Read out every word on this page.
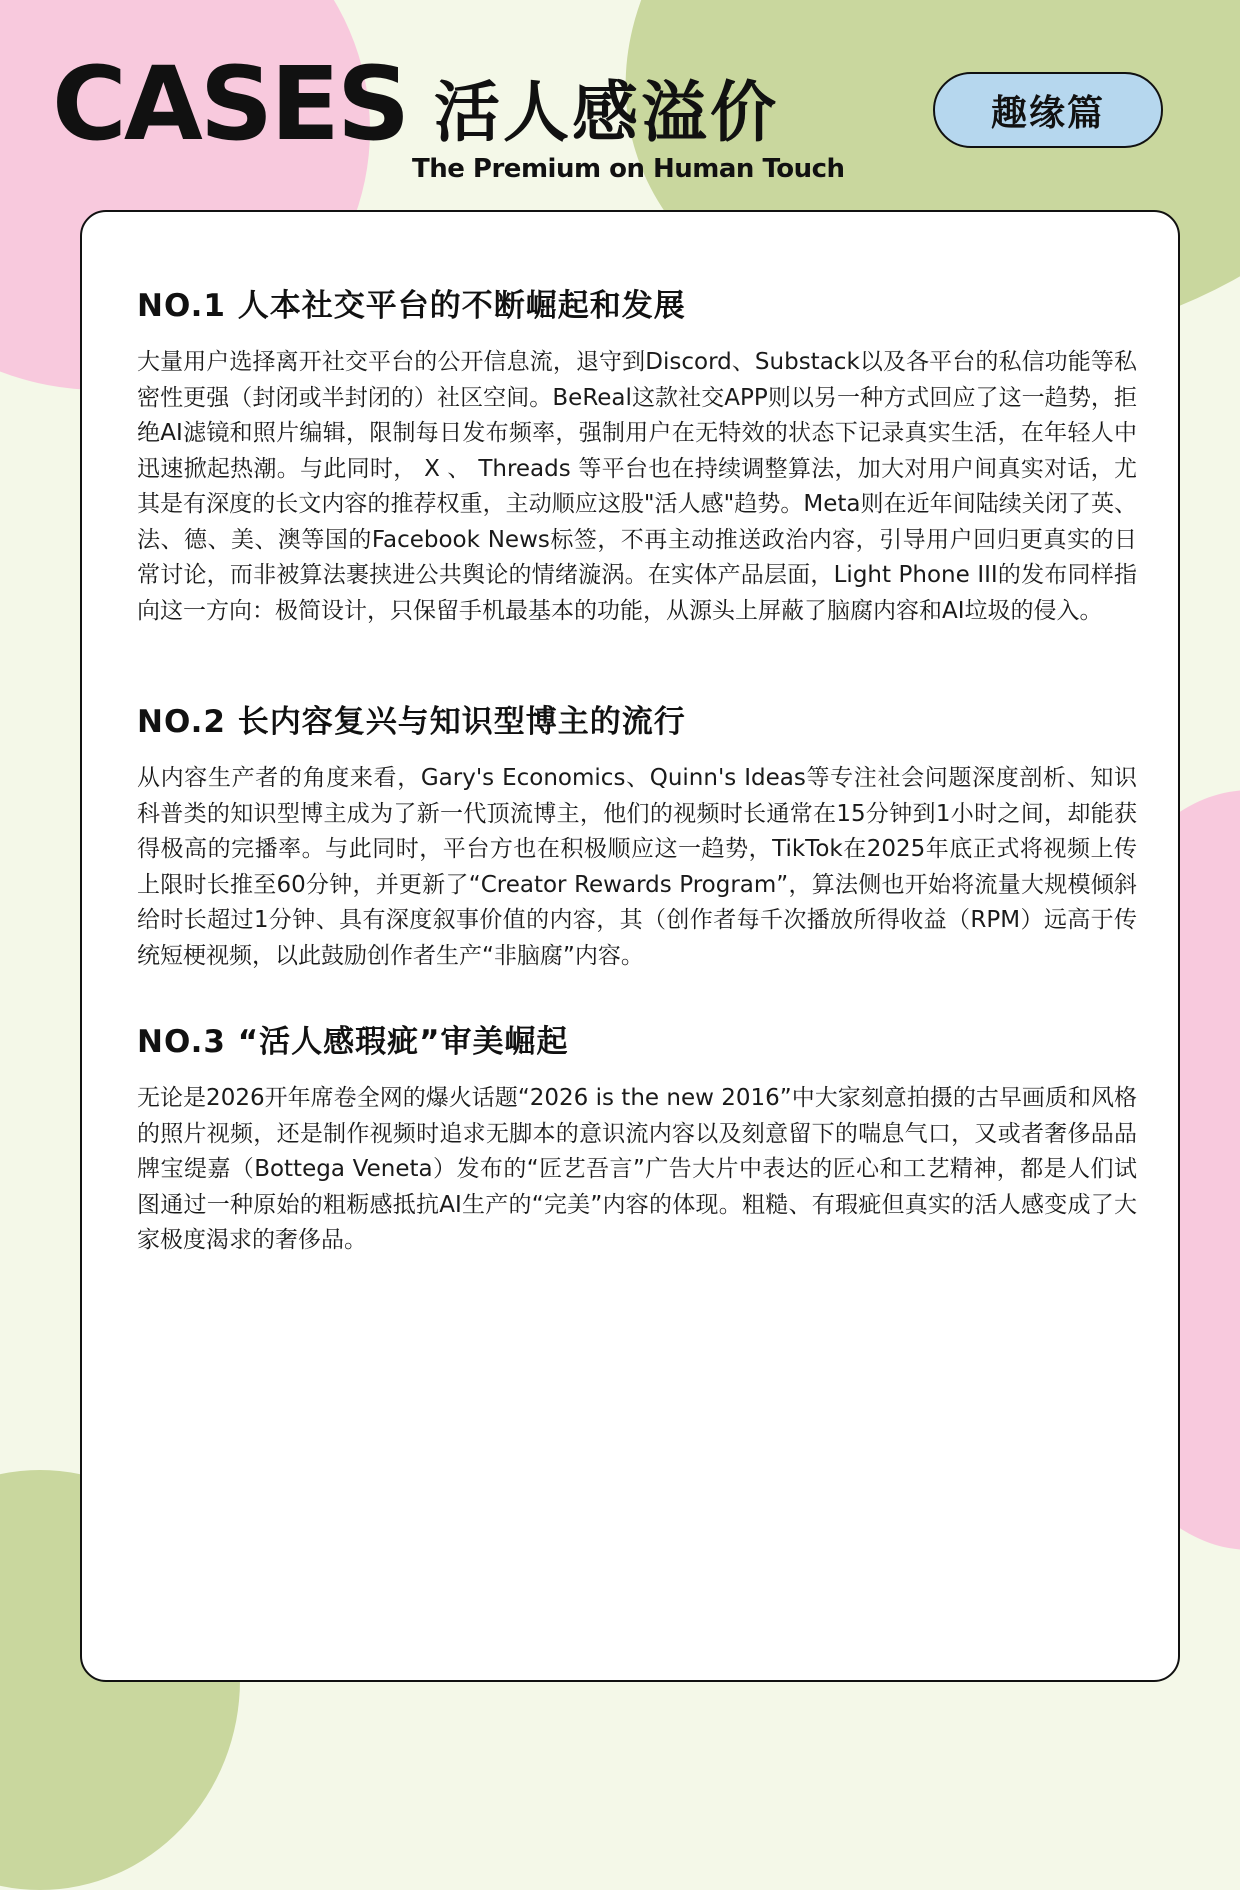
CASES 活人感溢价
The Premium on Human Touch
趣缘篇
NO.1 人本社交平台的不断崛起和发展

大量用户选择离开社交平台的公开信息流，退守到Discord、Substack以及各平台的私信功能等私密性更强（封闭或半封闭的）社区空间。BeReal这款社交APP则以另一种方式回应了这一趋势，拒绝AI滤镜和照片编辑，限制每日发布频率，强制用户在无特效的状态下记录真实生活，在年轻人中迅速掀起热潮。与此同时， X 、 Threads 等平台也在持续调整算法，加大对用户间真实对话，尤其是有深度的长文内容的推荐权重，主动顺应这股"活人感"趋势。Meta则在近年间陆续关闭了英、法、德、美、澳等国的Facebook News标签，不再主动推送政治内容，引导用户回归更真实的日常讨论，而非被算法裹挟进公共舆论的情绪漩涡。在实体产品层面，Light Phone III的发布同样指向这一方向：极简设计，只保留手机最基本的功能，从源头上屏蔽了脑腐内容和AI垃圾的侵入。

NO.2 长内容复兴与知识型博主的流行

从内容生产者的角度来看，Gary's Economics、Quinn's Ideas等专注社会问题深度剖析、知识科普类的知识型博主成为了新一代顶流博主，他们的视频时长通常在15分钟到1小时之间，却能获得极高的完播率。与此同时，平台方也在积极顺应这一趋势，TikTok在2025年底正式将视频上传上限时长推至60分钟，并更新了“Creator Rewards Program”，算法侧也开始将流量大规模倾斜给时长超过1分钟、具有深度叙事价值的内容，其（创作者每千次播放所得收益（RPM）远高于传统短梗视频，以此鼓励创作者生产“非脑腐”内容。

NO.3 “活人感瑕疵”审美崛起

无论是2026开年席卷全网的爆火话题“2026 is the new 2016”中大家刻意拍摄的古早画质和风格的照片视频，还是制作视频时追求无脚本的意识流内容以及刻意留下的喘息气口，又或者奢侈品品牌宝缇嘉（Bottega Veneta）发布的“匠艺吾言”广告大片中表达的匠心和工艺精神，都是人们试图通过一种原始的粗粝感抵抗AI生产的“完美”内容的体现。粗糙、有瑕疵但真实的活人感变成了大家极度渴求的奢侈品。
